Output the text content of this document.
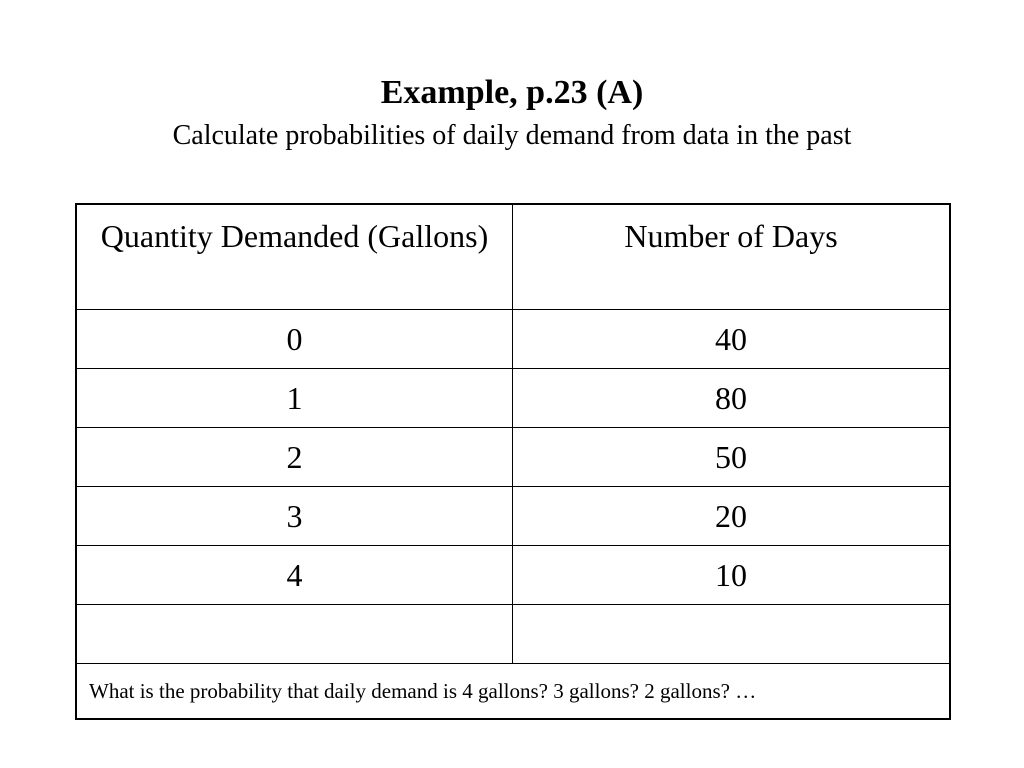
Example, p.23 (A)
Calculate probabilities of daily demand from data in the past
Quantity Demanded (Gallons)	Number of Days
0	40
1	80
2	50
3	20
4	10

What is the probability that daily demand is 4 gallons? 3 gallons? 2 gallons? …	
